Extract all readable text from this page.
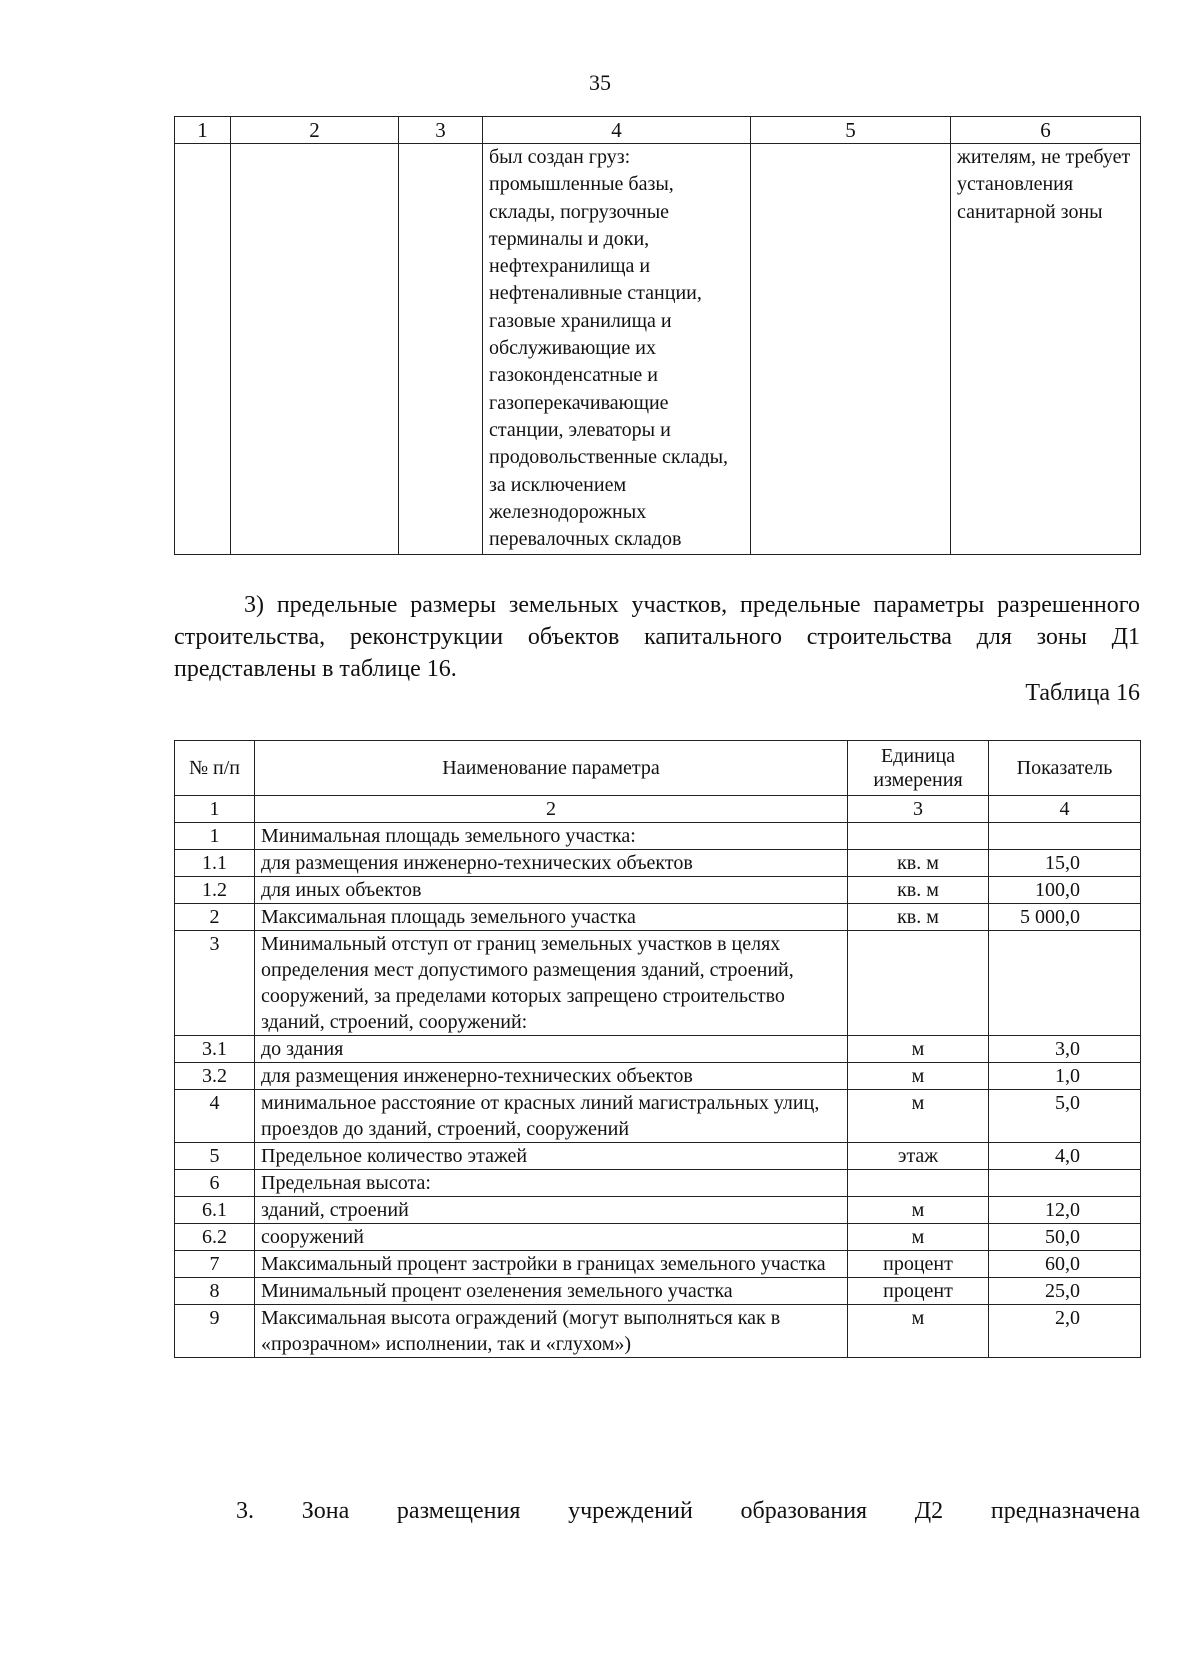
35
1	2	3	4	5	6
			был создан груз: промышленные базы, склады, погрузочные терминалы и доки, нефтехранилища и нефтеналивные станции, газовые хранилища и обслуживающие их газоконденсатные и газоперекачивающие станции, элеваторы и продовольственные склады, за исключением железнодорожных перевалочных складов		жителям, не требует установления санитарной зоны
3) предельные размеры земельных участков, предельные параметры разрешенного строительства, реконструкции объектов капитального строительства для зоны Д1 представлены в таблице 16.
Таблица 16
№ п/п	Наименование параметра	Единица измерения	Показатель
1	2	3	4
1	Минимальная площадь земельного участка:		
1.1	для размещения инженерно-технических объектов	кв. м	15,0
1.2	для иных объектов	кв. м	100,0
2	Максимальная площадь земельного участка	кв. м	5 000,0
3	Минимальный отступ от границ земельных участков в целях определения мест допустимого размещения зданий, строений, сооружений, за пределами которых запрещено строительство зданий, строений, сооружений:		
3.1	до здания	м	3,0
3.2	для размещения инженерно-технических объектов	м	1,0
4	минимальное расстояние от красных линий магистральных улиц, проездов до зданий, строений, сооружений	м	5,0
5	Предельное количество этажей	этаж	4,0
6	Предельная высота:		
6.1	зданий, строений	м	12,0
6.2	сооружений	м	50,0
7	Максимальный процент застройки в границах земельного участка	процент	60,0
8	Минимальный процент озеленения земельного участка	процент	25,0
9	Максимальная высота ограждений (могут выполняться как в «прозрачном» исполнении, так и «глухом»)	м	2,0
3. Зона размещения учреждений образования Д2 предназначена
